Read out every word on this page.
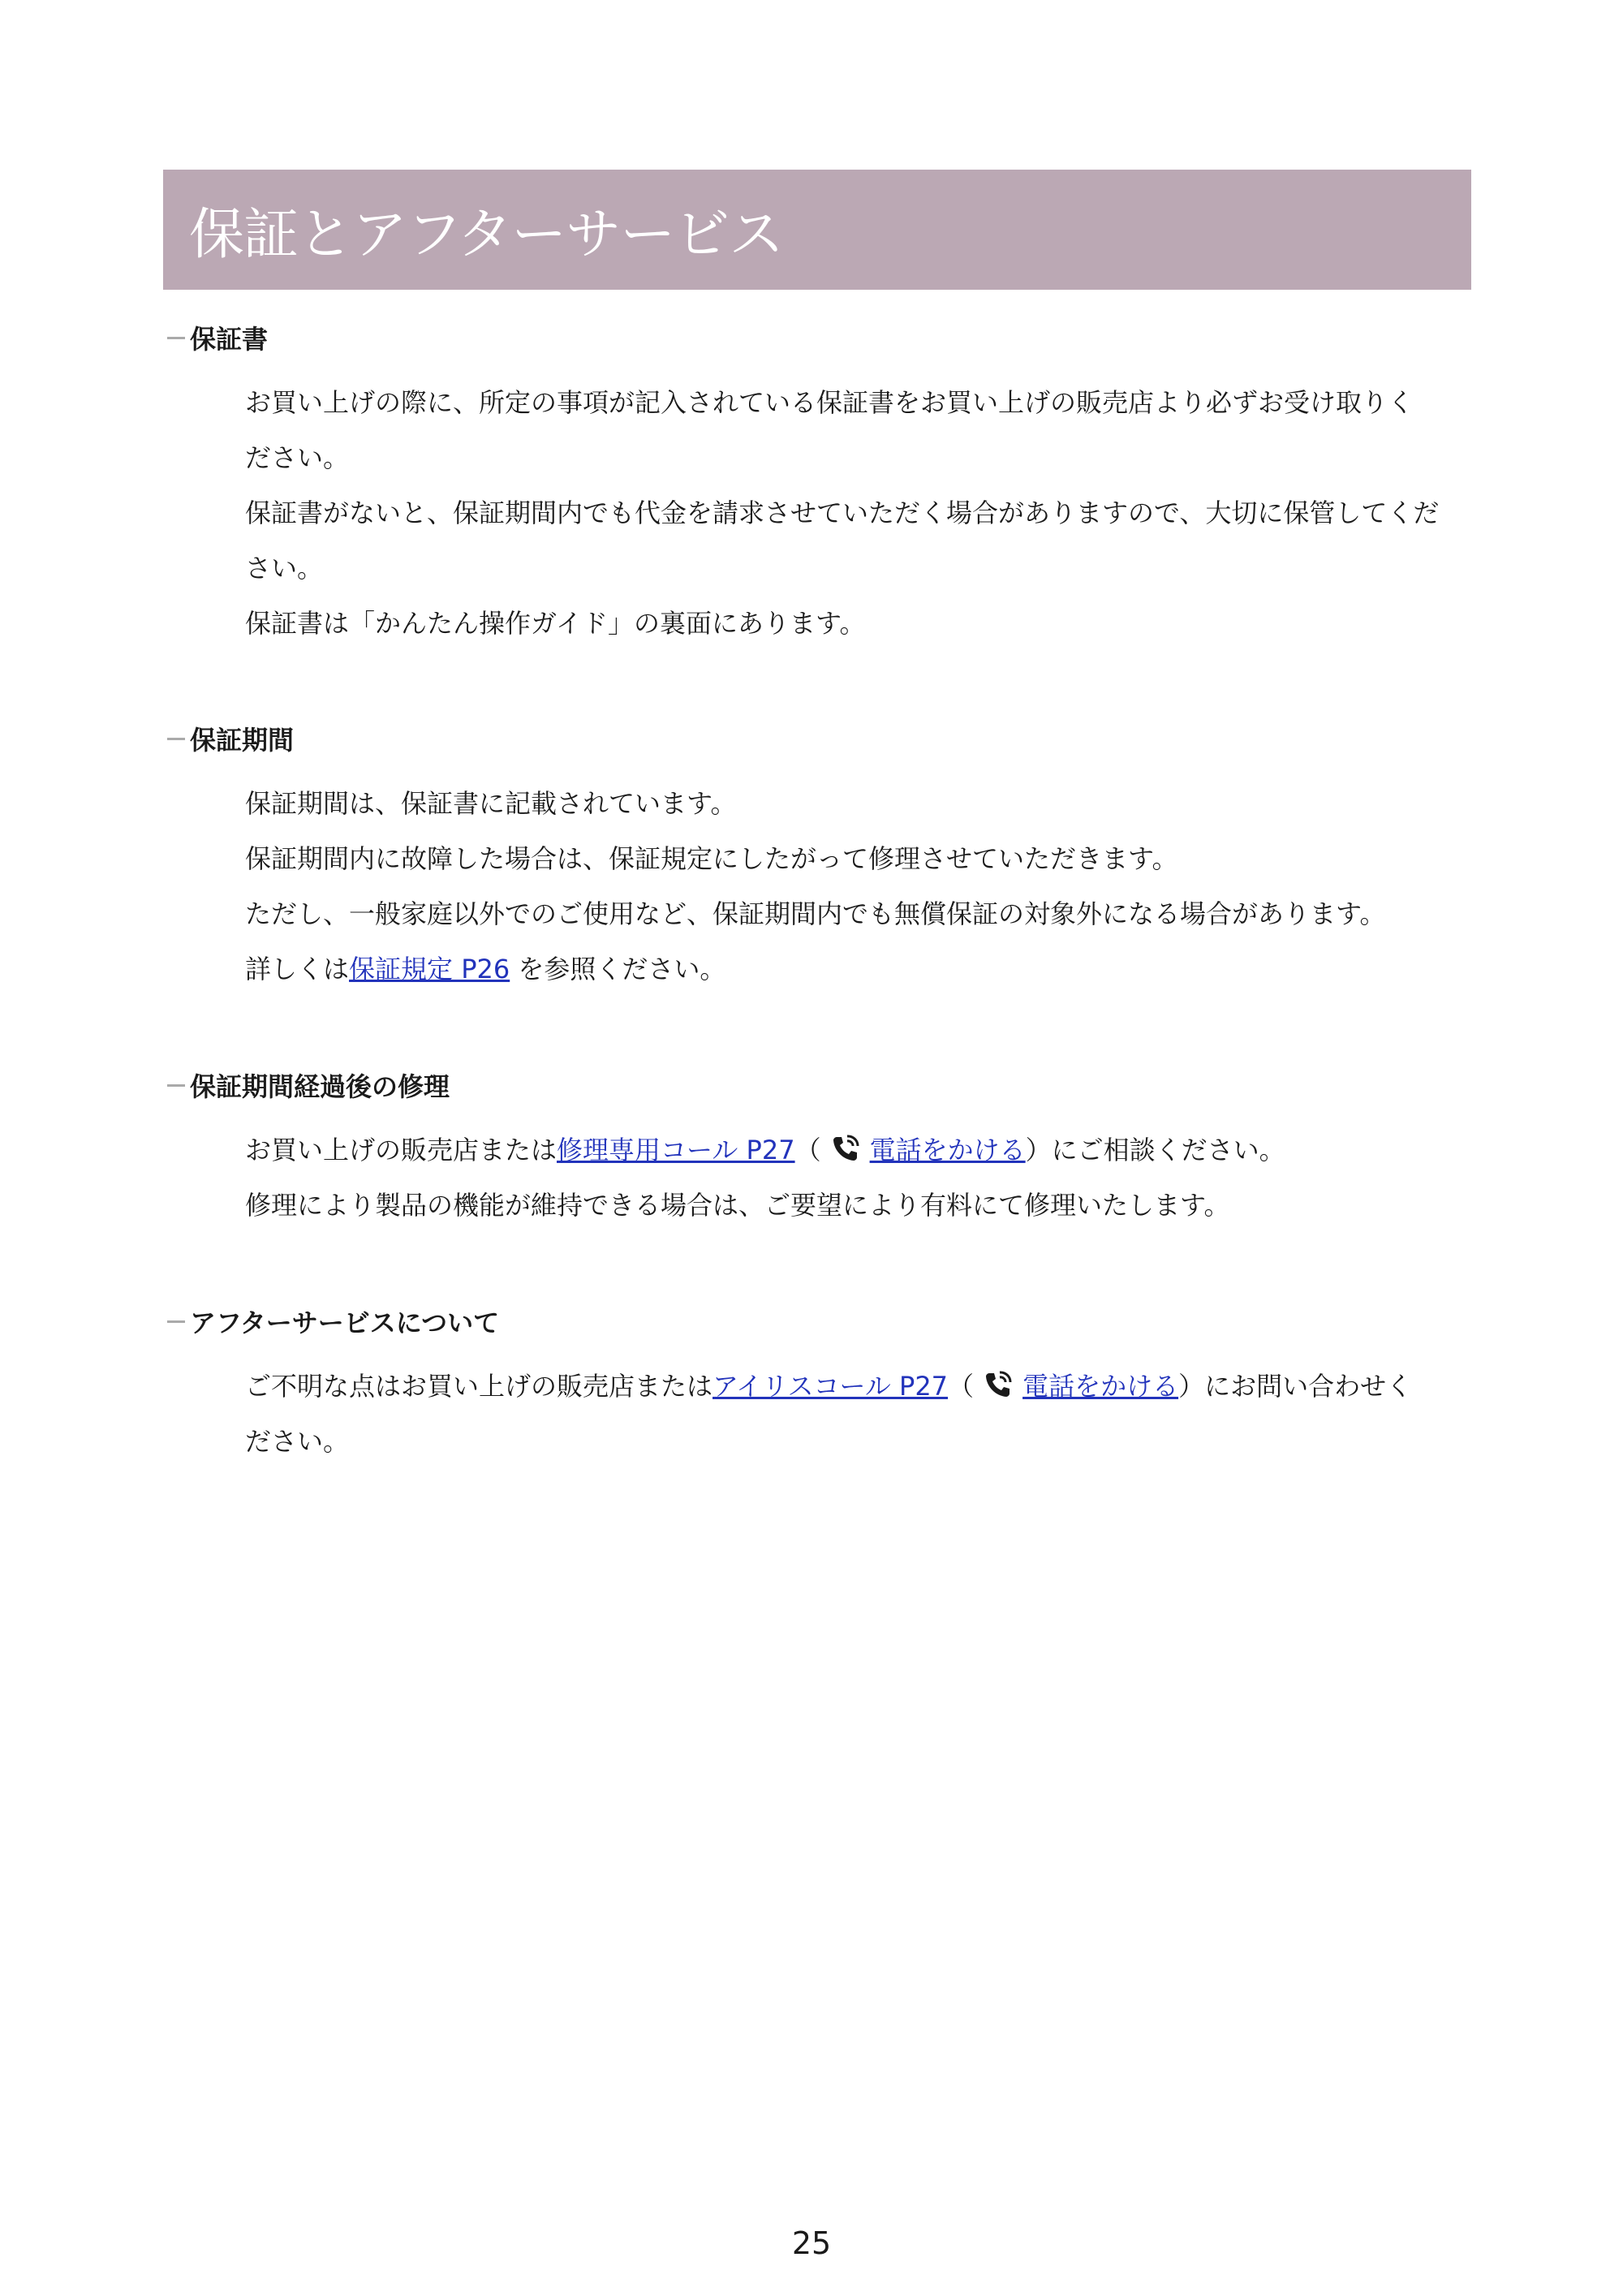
保証とアフターサービス
保証書

お買い上げの際に、所定の事項が記入されている保証書をお買い上げの販売店より必ずお受け取りく

ださい。

保証書がないと、保証期間内でも代金を請求させていただく場合がありますので、大切に保管してくだ

さい。

保証書は「かんたん操作ガイド」の裏面にあります。

保証期間

保証期間は、保証書に記載されています。

保証期間内に故障した場合は、保証規定にしたがって修理させていただきます。

ただし、一般家庭以外でのご使用など、保証期間内でも無償保証の対象外になる場合があります。

詳しくは保証規定 P26 を参照ください。

保証期間経過後の修理

お買い上げの販売店または修理専用コール P27（ 電話をかける）にご相談ください。

修理により製品の機能が維持できる場合は、ご要望により有料にて修理いたします。

アフターサービスについて

ご不明な点はお買い上げの販売店またはアイリスコール P27（ 電話をかける）にお問い合わせく

ださい。

25
